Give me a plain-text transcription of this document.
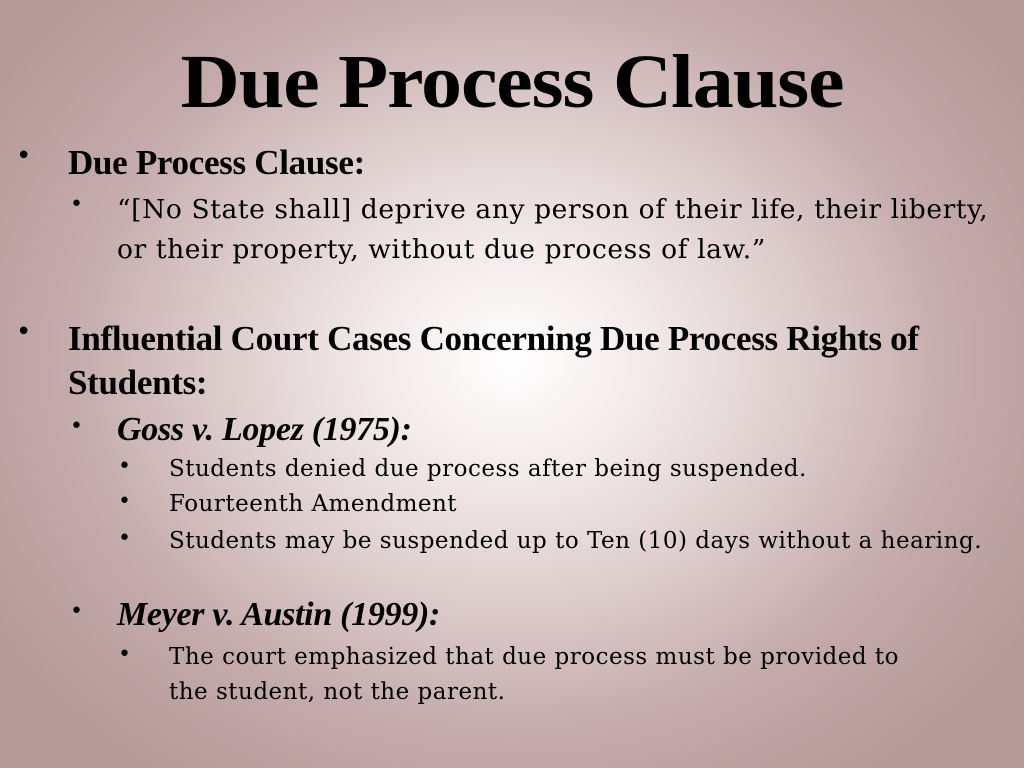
Due Process Clause
• Due Process Clause:
• “[No State shall] deprive any person of their life, their liberty, or their property, without due process of law.”
• Influential Court Cases Concerning Due Process Rights of Students:
• Goss v. Lopez (1975):
• Students denied due process after being suspended.
• Fourteenth Amendment
• Students may be suspended up to Ten (10) days without a hearing.
• Meyer v. Austin (1999):
• The court emphasized that due process must be provided to the student, not the parent.
